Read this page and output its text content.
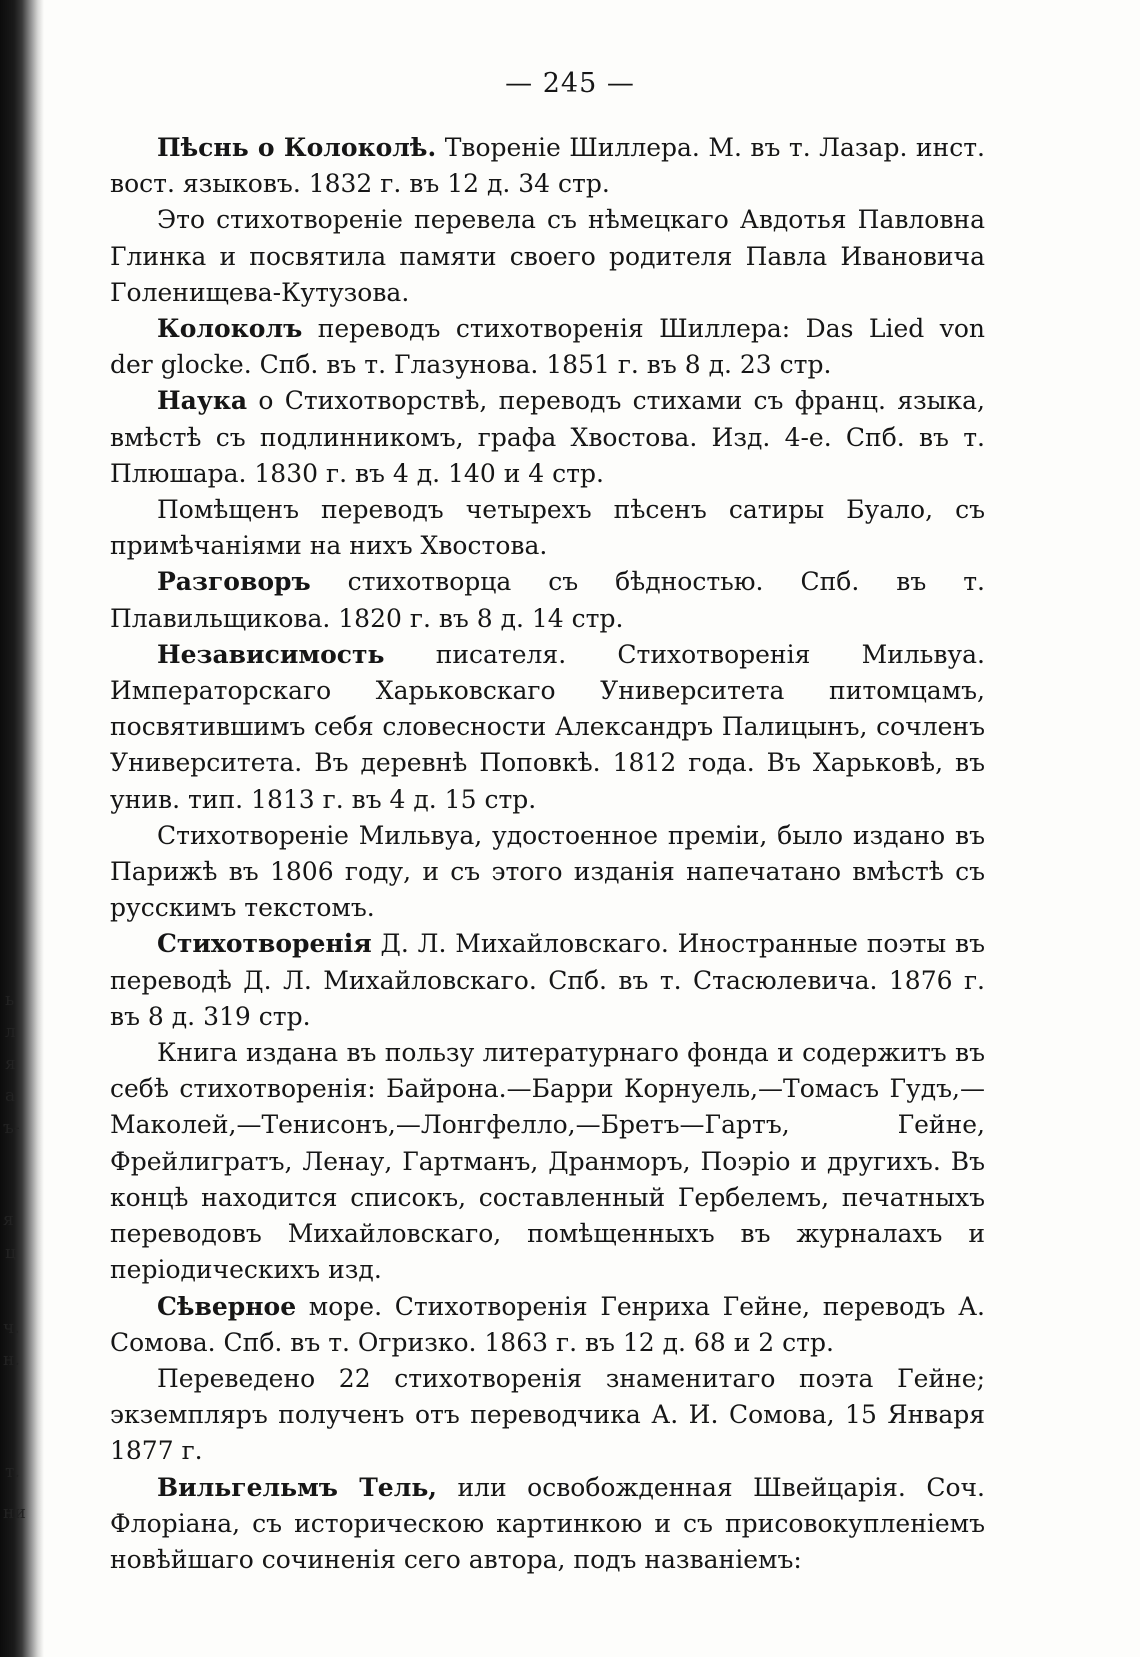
— 245 —

Пѣснь о Колоколѣ. Твореніе Шиллера. М. въ т. Лазар. инст. вост. языковъ. 1832 г. въ 12 д. 34 стр.

Это стихотвореніе перевела съ нѣмецкаго Авдотья Павловна Глинка и посвятила памяти своего родителя Павла Ивановича Голенищева-Кутузова.

Колоколъ переводъ стихотворенія Шиллера: Das Lied von der glocke. Спб. въ т. Глазунова. 1851 г. въ 8 д. 23 стр.

Наука о Стихотворствѣ, переводъ стихами съ франц. языка, вмѣстѣ съ подлинникомъ, графа Хвостова. Изд. 4-е. Спб. въ т. Плюшара. 1830 г. въ 4 д. 140 и 4 стр.

Помѣщенъ переводъ четырехъ пѣсенъ сатиры Буало, съ примѣчаніями на нихъ Хвостова.

Разговоръ стихотворца съ бѣдностью. Спб. въ т. Плавильщикова. 1820 г. въ 8 д. 14 стр.

Независимость писателя. Стихотворенія Мильвуа. Императорскаго Харьковскаго Университета питомцамъ, посвятившимъ себя словесности Александръ Палицынъ, сочленъ Университета. Въ деревнѣ Поповкѣ. 1812 года. Въ Харьковѣ, въ унив. тип. 1813 г. въ 4 д. 15 стр.

Стихотвореніе Мильвуа, удостоенное преміи, было издано въ Парижѣ въ 1806 году, и съ этого изданія напечатано вмѣстѣ съ русскимъ текстомъ.

Стихотворенія Д. Л. Михайловскаго. Иностранные поэты въ переводѣ Д. Л. Михайловскаго. Спб. въ т. Стасюлевича. 1876 г. въ 8 д. 319 стр.

Книга издана въ пользу литературнаго фонда и содержитъ въ себѣ стихотворенія: Байрона.—Барри Корнуель,—Томасъ Гудъ,—Маколей,—Тенисонъ,—Лонгфелло,—Бретъ—Гартъ, Гейне, Фрейлигратъ, Ленау, Гартманъ, Дранморъ, Поэріо и другихъ. Въ концѣ находится списокъ, составленный Гербелемъ, печатныхъ переводовъ Михайловскаго, помѣщенныхъ въ журналахъ и періодическихъ изд.

Сѣверное море. Стихотворенія Генриха Гейне, переводъ А. Сомова. Спб. въ т. Огризко. 1863 г. въ 12 д. 68 и 2 стр.

Переведено 22 стихотворенія знаменитаго поэта Гейне; экземпляръ полученъ отъ переводчика А. И. Сомова, 15 Января 1877 г.

Вильгельмъ Тель, или освобожденная Швейцарія. Соч. Флоріана, съ историческою картинкою и съ присовокупленіемъ новѣйшаго сочиненія сего автора, подъ названіемъ:

ь
л
я
а
ъ-
я
ц
ч.
н.
т.
ни
